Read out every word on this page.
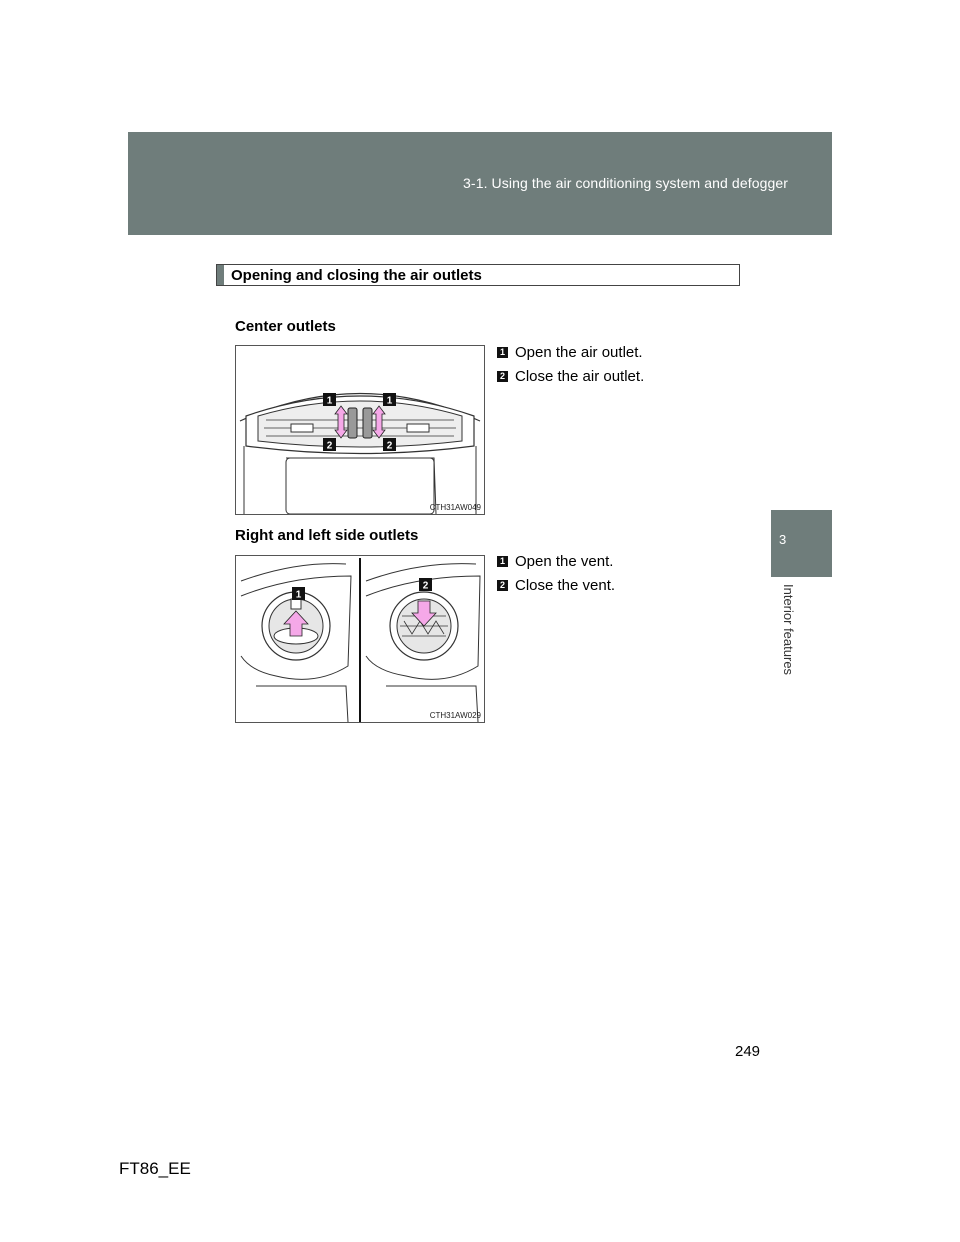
3-1. Using the air conditioning system and defogger
3
Interior features
Opening and closing the air outlets
Center outlets
1	1
2	2
CTH31AW049
1 Open the air outlet.
2 Close the air outlet.
Right and left side outlets
1
2
CTH31AW029
1 Open the vent.
2 Close the vent.
249
FT86_EE
